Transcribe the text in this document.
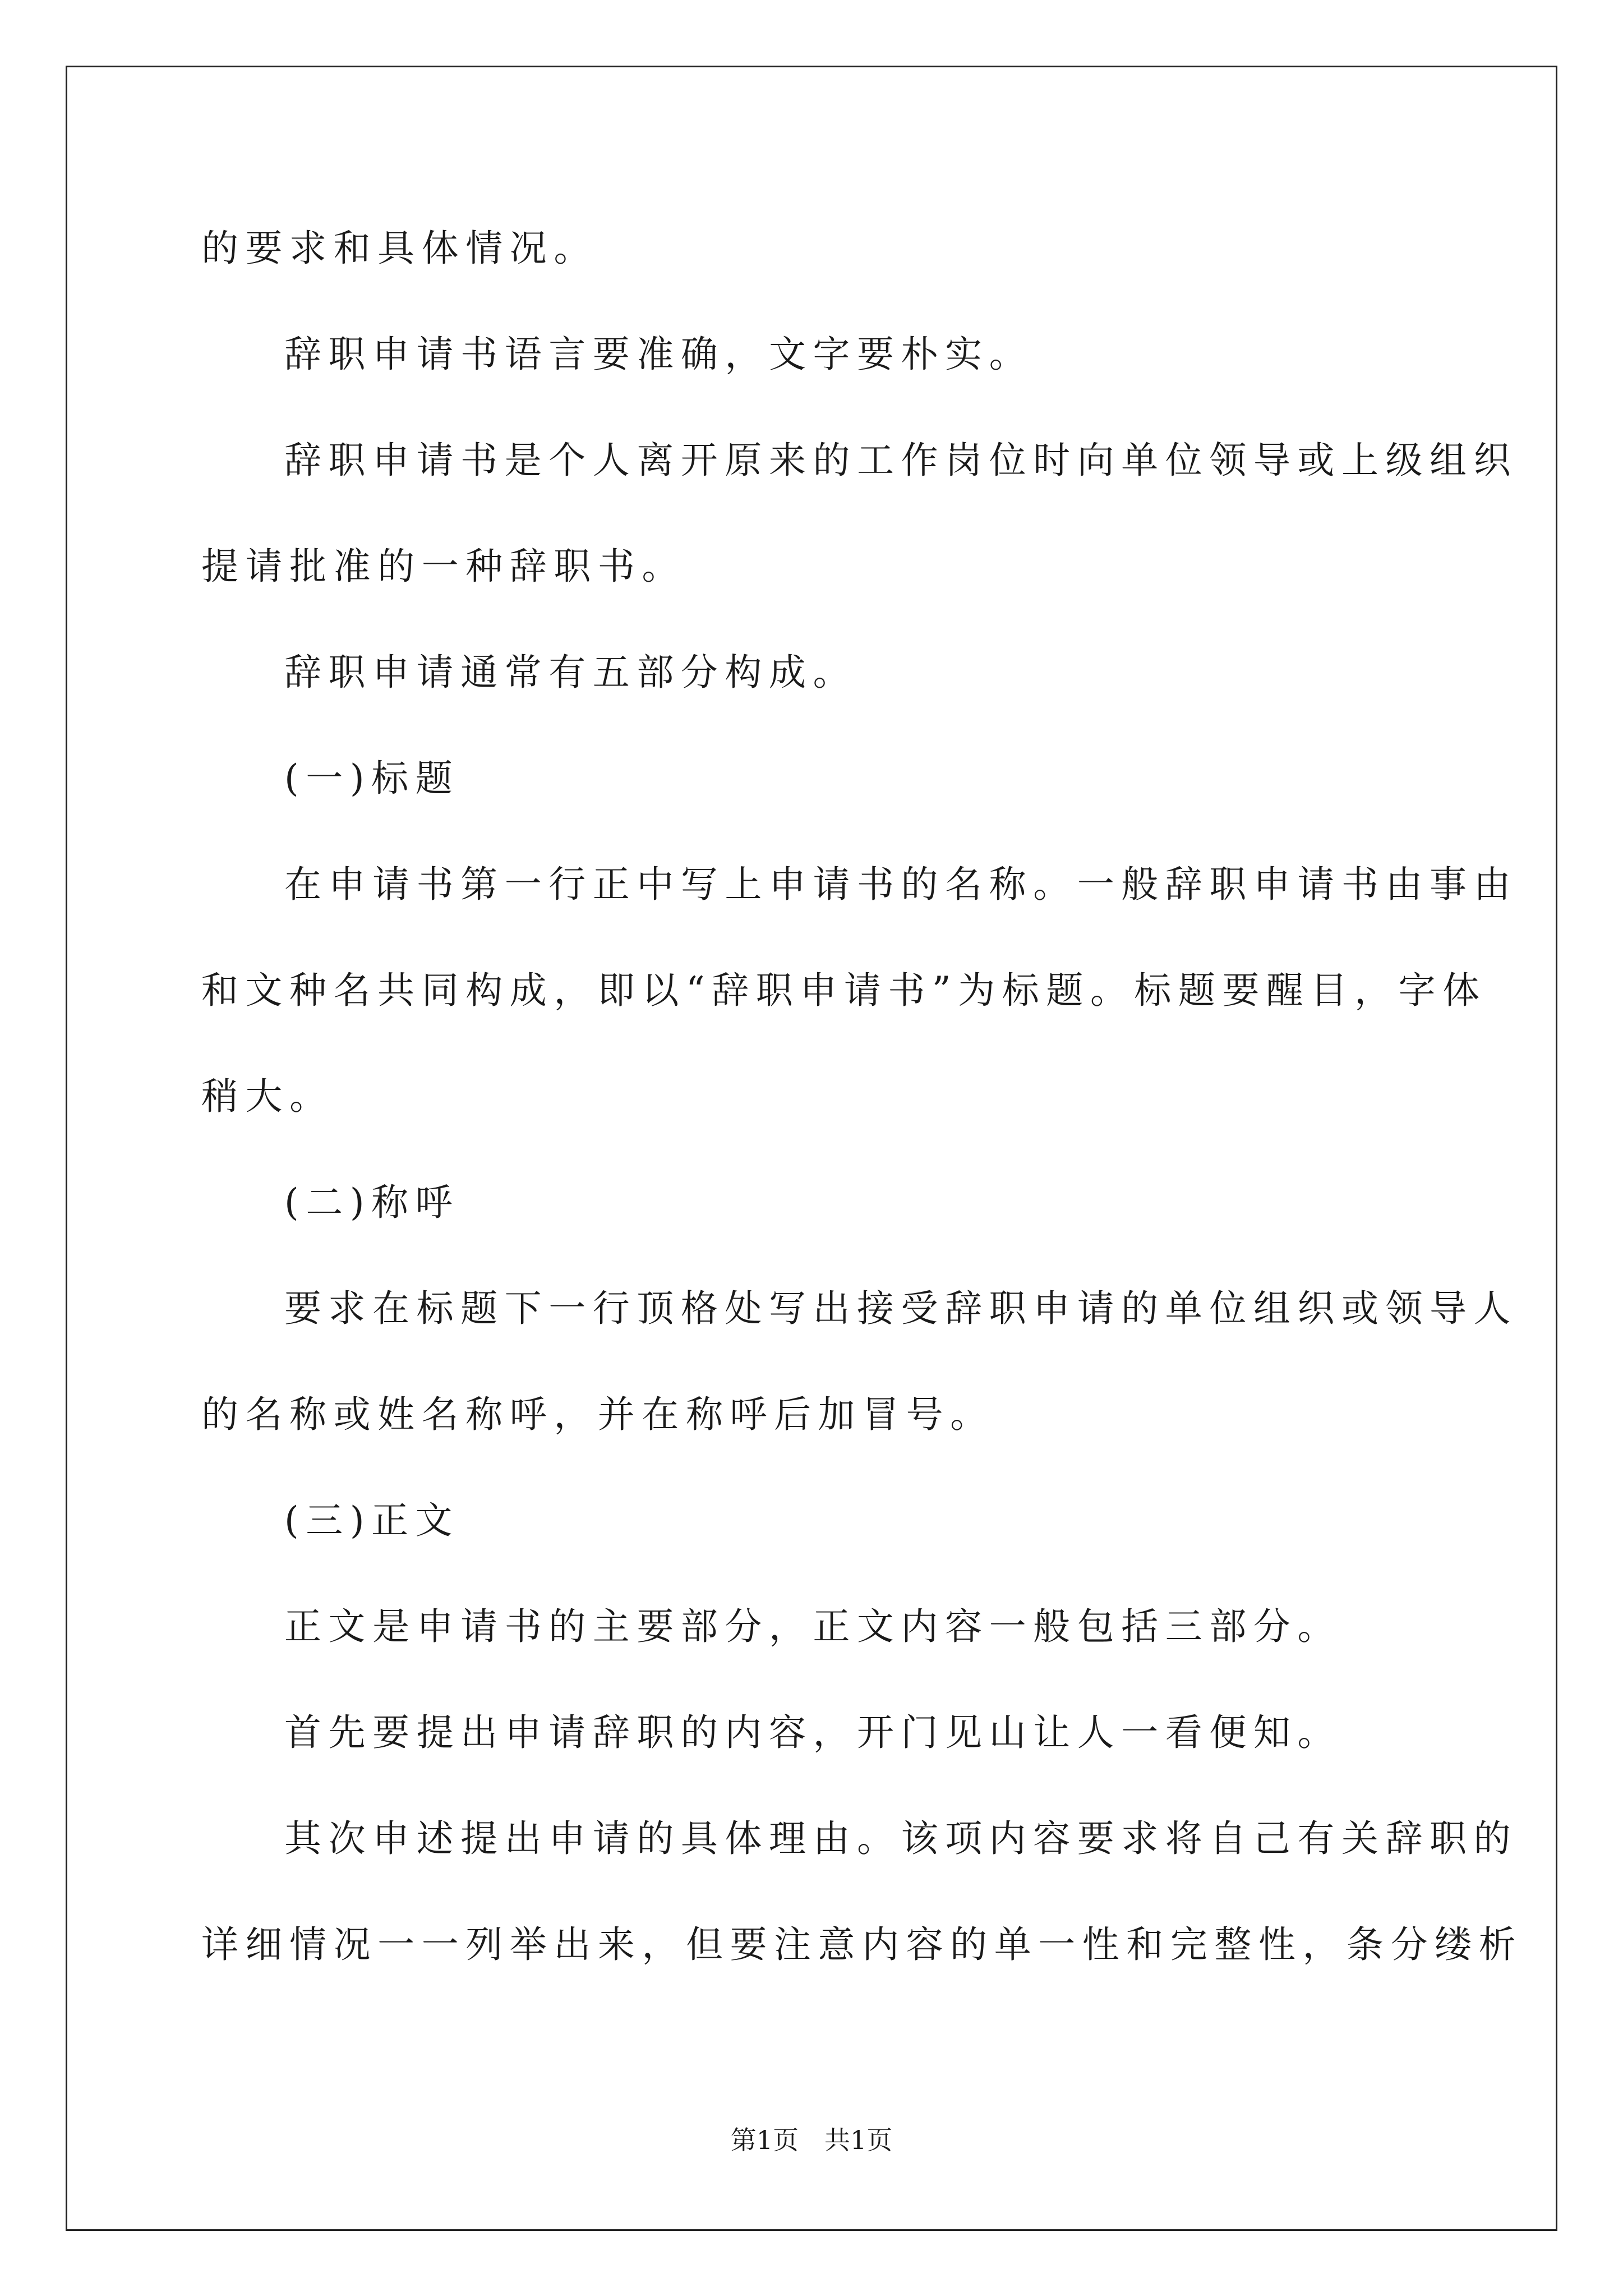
的要求和具体情况。
辞职申请书语言要准确，文字要朴实。
辞职申请书是个人离开原来的工作岗位时向单位领导或上级组织
提请批准的一种辞职书。
辞职申请通常有五部分构成。
(一)标题
在申请书第一行正中写上申请书的名称。一般辞职申请书由事由
和文种名共同构成，即以“辞职申请书”为标题。标题要醒目，字体
稍大。
(二)称呼
要求在标题下一行顶格处写出接受辞职申请的单位组织或领导人
的名称或姓名称呼，并在称呼后加冒号。
(三)正文
正文是申请书的主要部分，正文内容一般包括三部分。
首先要提出申请辞职的内容，开门见山让人一看便知。
其次申述提出申请的具体理由。该项内容要求将自己有关辞职的
详细情况一一列举出来，但要注意内容的单一性和完整性，条分缕析
第1页　共1页
